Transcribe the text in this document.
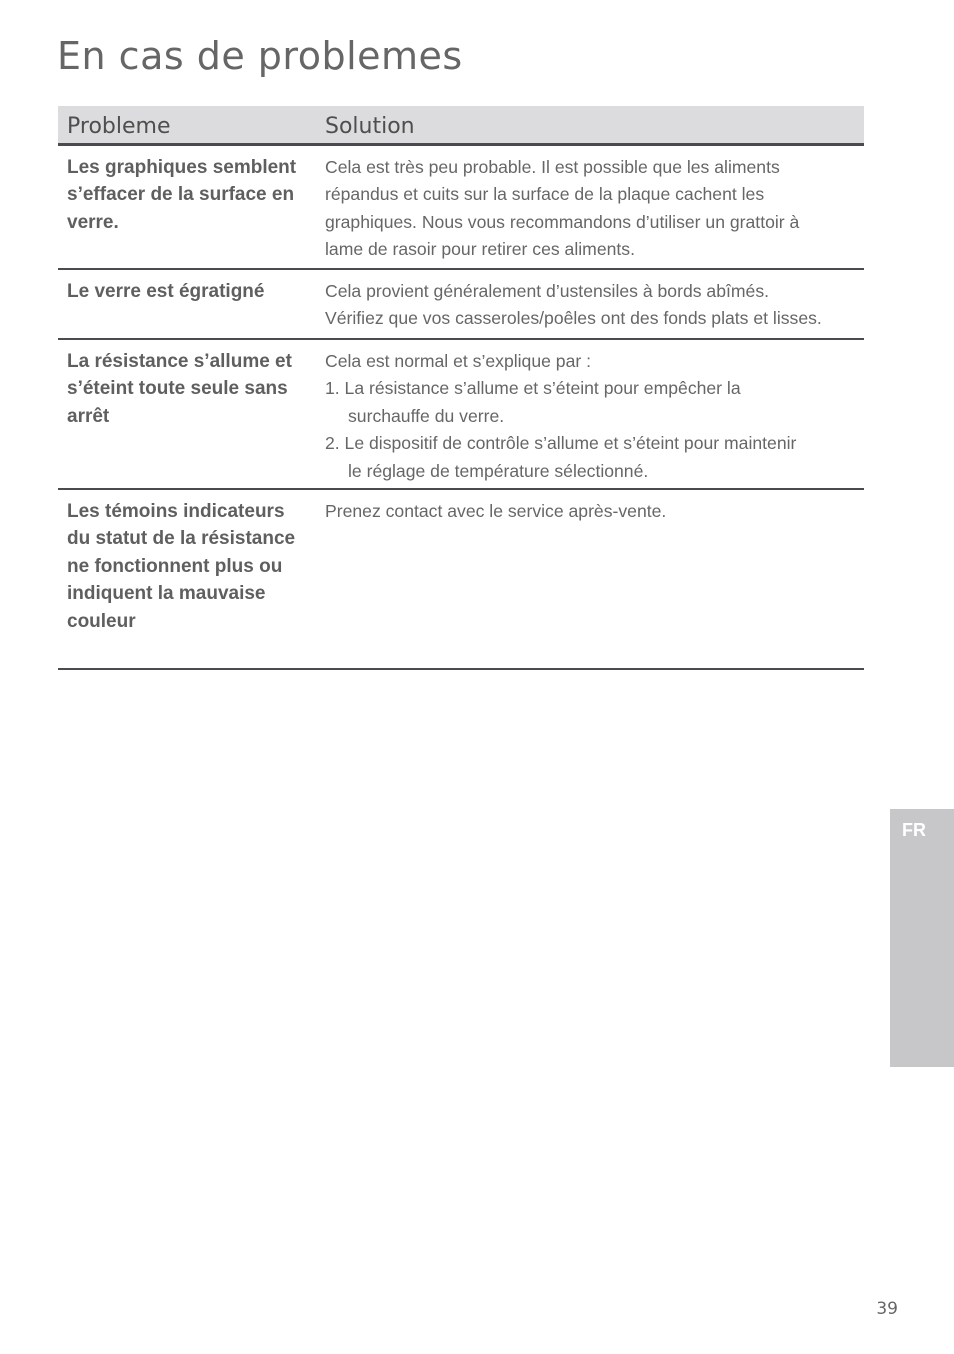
En cas de problemes
Probleme	Solution
Les graphiques semblent s’effacer de la surface en verre.
Cela est très peu probable. Il est possible que les aliments
répandus et cuits sur la surface de la plaque cachent les
graphiques. Nous vous recommandons d’utiliser un grattoir à
lame de rasoir pour retirer ces aliments.
Le verre est égratigné	Cela provient généralement d’ustensiles à bords abîmés.
Vérifiez que vos casseroles/poêles ont des fonds plats et lisses.
La résistance s’allume et s’éteint toute seule sans arrêt
Cela est normal et s’explique par :
1. La résistance s’allume et s’éteint pour empêcher la
surchauffe du verre.
2. Le dispositif de contrôle s’allume et s’éteint pour maintenir
le réglage de température sélectionné.
Les témoins indicateurs du statut de la résistance ne fonctionnent plus ou indiquent la mauvaise couleur
Prenez contact avec le service après-vente.
FR
39
